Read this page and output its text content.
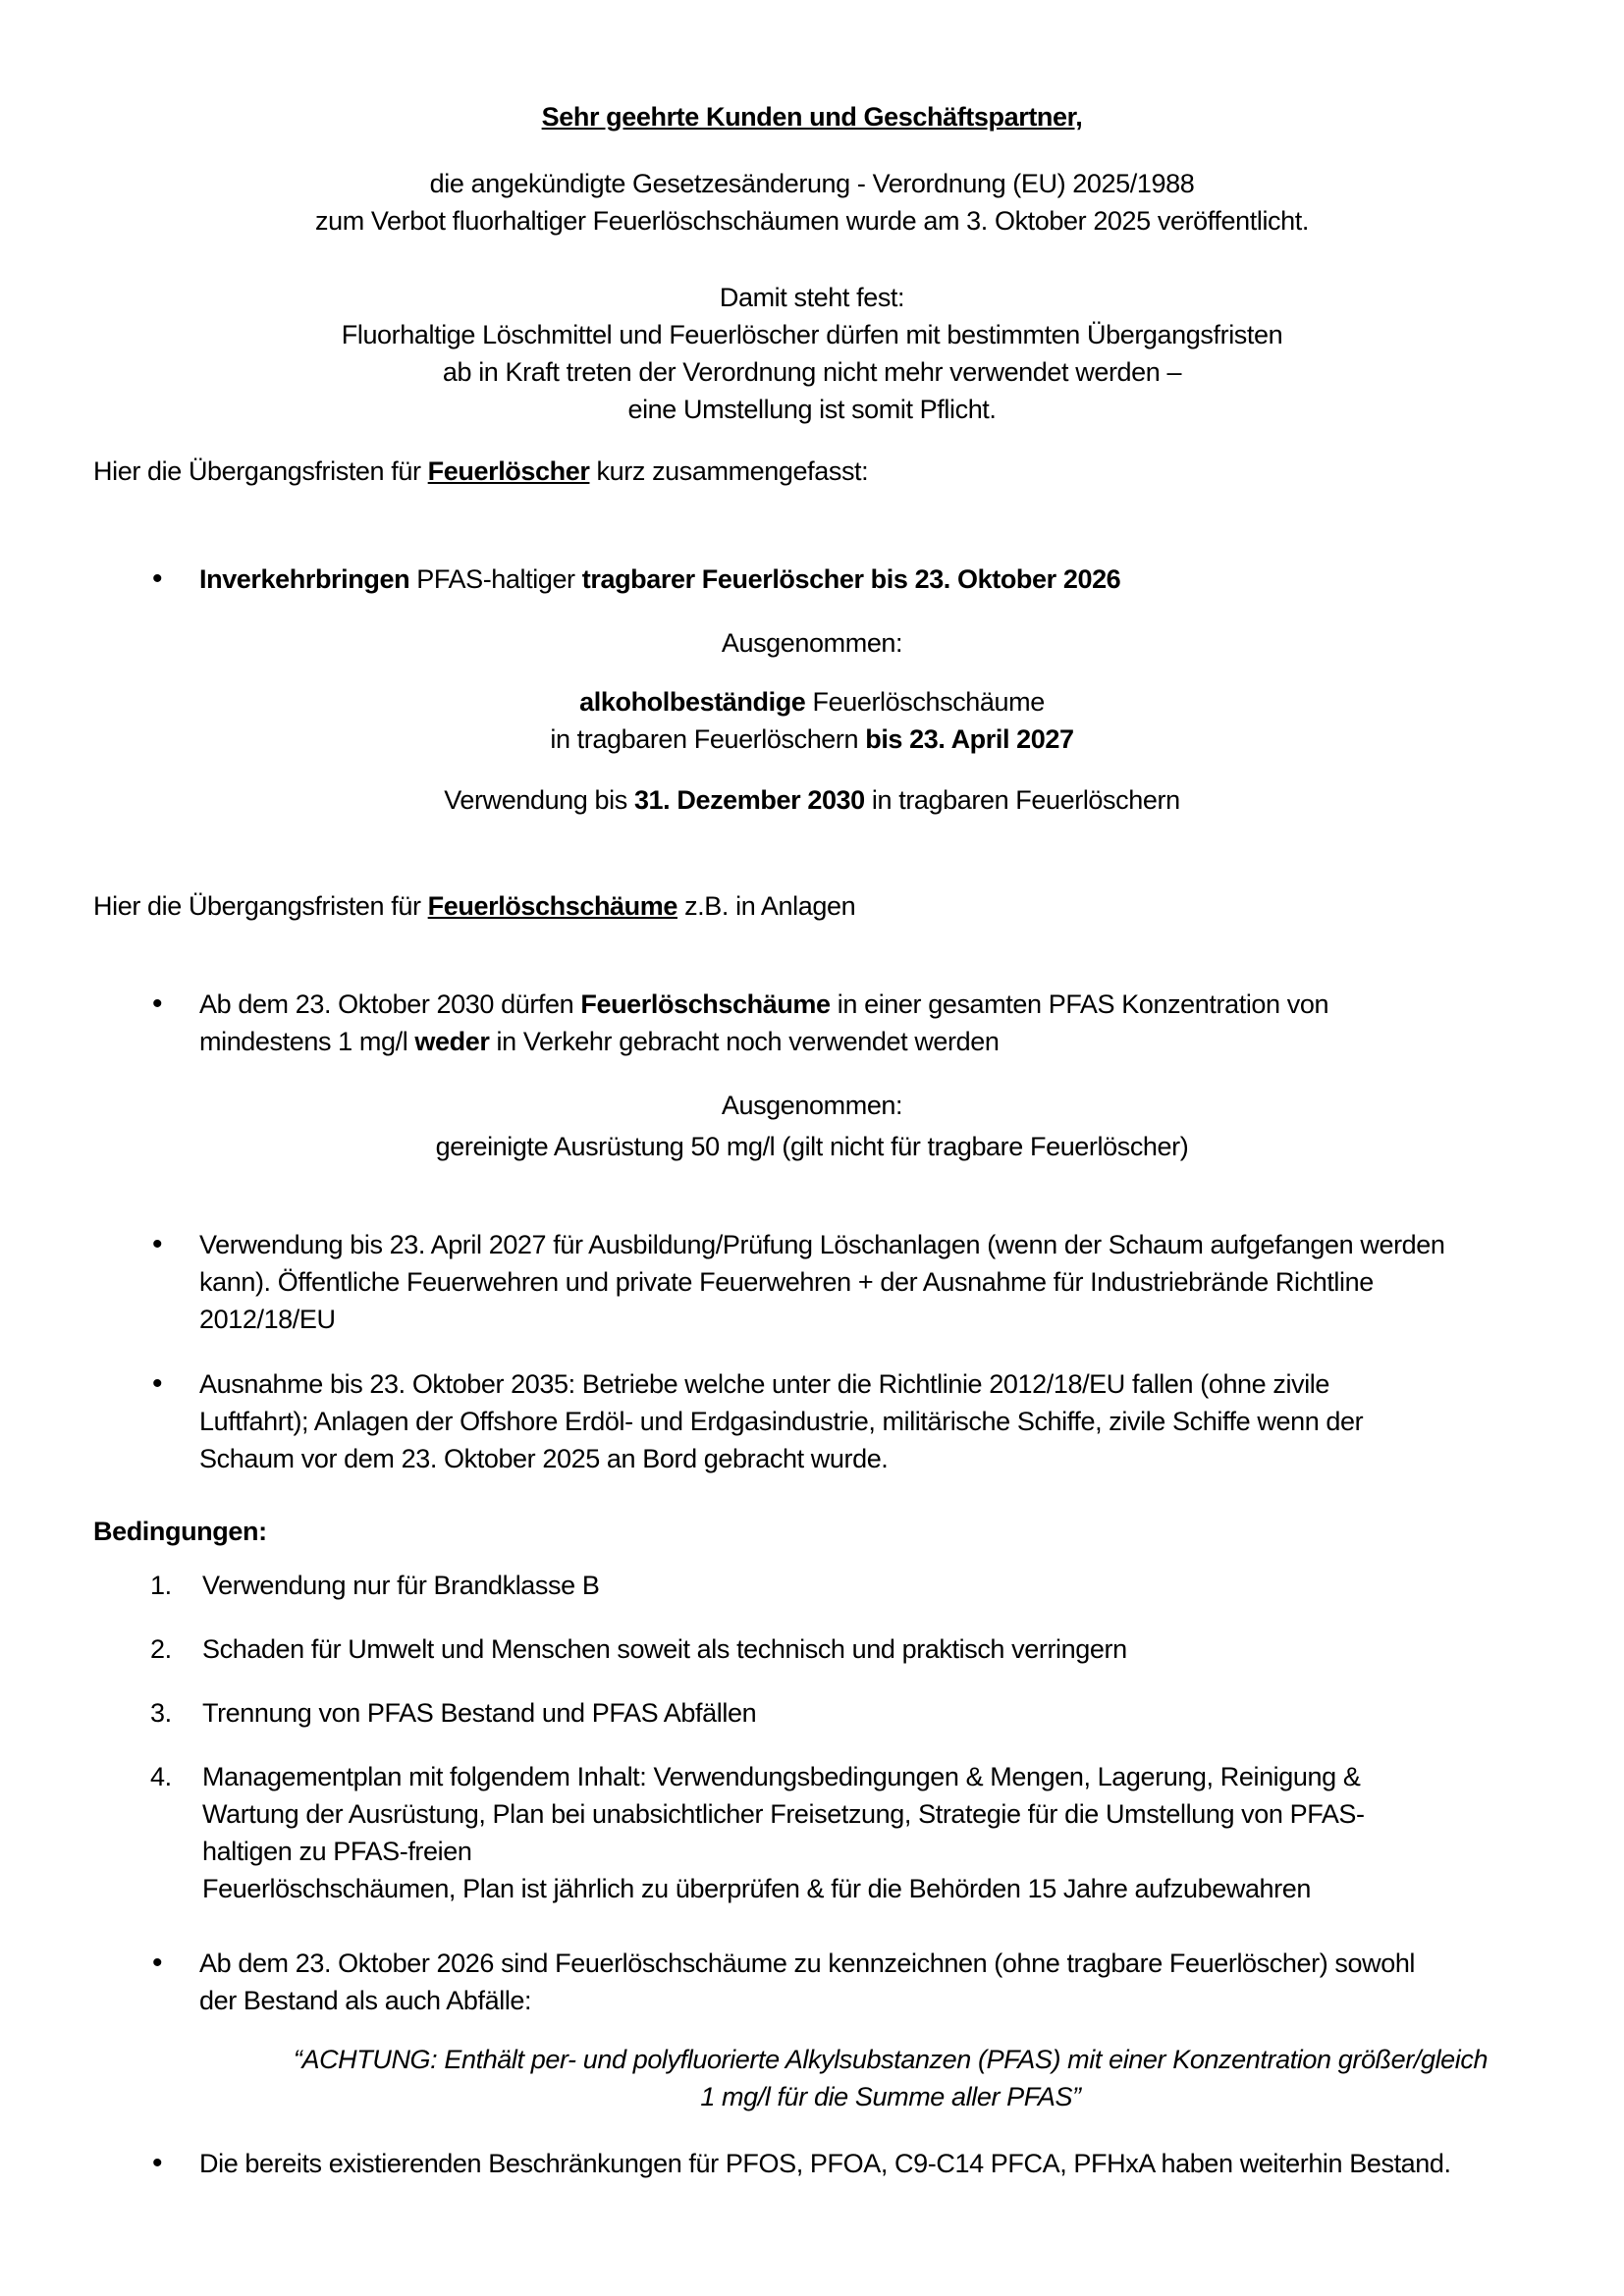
Sehr geehrte Kunden und Geschäftspartner,
die angekündigte Gesetzesänderung - Verordnung (EU) 2025/1988
zum Verbot fluorhaltiger Feuerlöschschäumen wurde am 3. Oktober 2025 veröffentlicht.
Damit steht fest:
Fluorhaltige Löschmittel und Feuerlöscher dürfen mit bestimmten Übergangsfristen
ab in Kraft treten der Verordnung nicht mehr verwendet werden –
eine Umstellung ist somit Pflicht.
Hier die Übergangsfristen für Feuerlöscher kurz zusammengefasst:
• Inverkehrbringen PFAS-haltiger tragbarer Feuerlöscher bis 23. Oktober 2026
Ausgenommen:
alkoholbeständige Feuerlöschschäume
in tragbaren Feuerlöschern bis 23. April 2027
Verwendung bis 31. Dezember 2030 in tragbaren Feuerlöschern
Hier die Übergangsfristen für Feuerlöschschäume z.B. in Anlagen
• Ab dem 23. Oktober 2030 dürfen Feuerlöschschäume in einer gesamten PFAS Konzentration von
mindestens 1 mg/l weder in Verkehr gebracht noch verwendet werden
Ausgenommen:
gereinigte Ausrüstung 50 mg/l (gilt nicht für tragbare Feuerlöscher)
• Verwendung bis 23. April 2027 für Ausbildung/Prüfung Löschanlagen (wenn der Schaum aufgefangen werden
kann). Öffentliche Feuerwehren und private Feuerwehren + der Ausnahme für Industriebrände Richtline
2012/18/EU
• Ausnahme bis 23. Oktober 2035: Betriebe welche unter die Richtlinie 2012/18/EU fallen (ohne zivile
Luftfahrt); Anlagen der Offshore Erdöl- und Erdgasindustrie, militärische Schiffe, zivile Schiffe wenn der
Schaum vor dem 23. Oktober 2025 an Bord gebracht wurde.
Bedingungen:
1. Verwendung nur für Brandklasse B
2. Schaden für Umwelt und Menschen soweit als technisch und praktisch verringern
3. Trennung von PFAS Bestand und PFAS Abfällen
4. Managementplan mit folgendem Inhalt: Verwendungsbedingungen & Mengen, Lagerung, Reinigung &
Wartung der Ausrüstung, Plan bei unabsichtlicher Freisetzung, Strategie für die Umstellung von PFAS-
haltigen zu PFAS-freien
Feuerlöschschäumen, Plan ist jährlich zu überprüfen & für die Behörden 15 Jahre aufzubewahren
• Ab dem 23. Oktober 2026 sind Feuerlöschschäume zu kennzeichnen (ohne tragbare Feuerlöscher) sowohl
der Bestand als auch Abfälle:
“ACHTUNG: Enthält per- und polyfluorierte Alkylsubstanzen (PFAS) mit einer Konzentration größer/gleich
1 mg/l für die Summe aller PFAS”
• Die bereits existierenden Beschränkungen für PFOS, PFOA, C9-C14 PFCA, PFHxA haben weiterhin Bestand.
